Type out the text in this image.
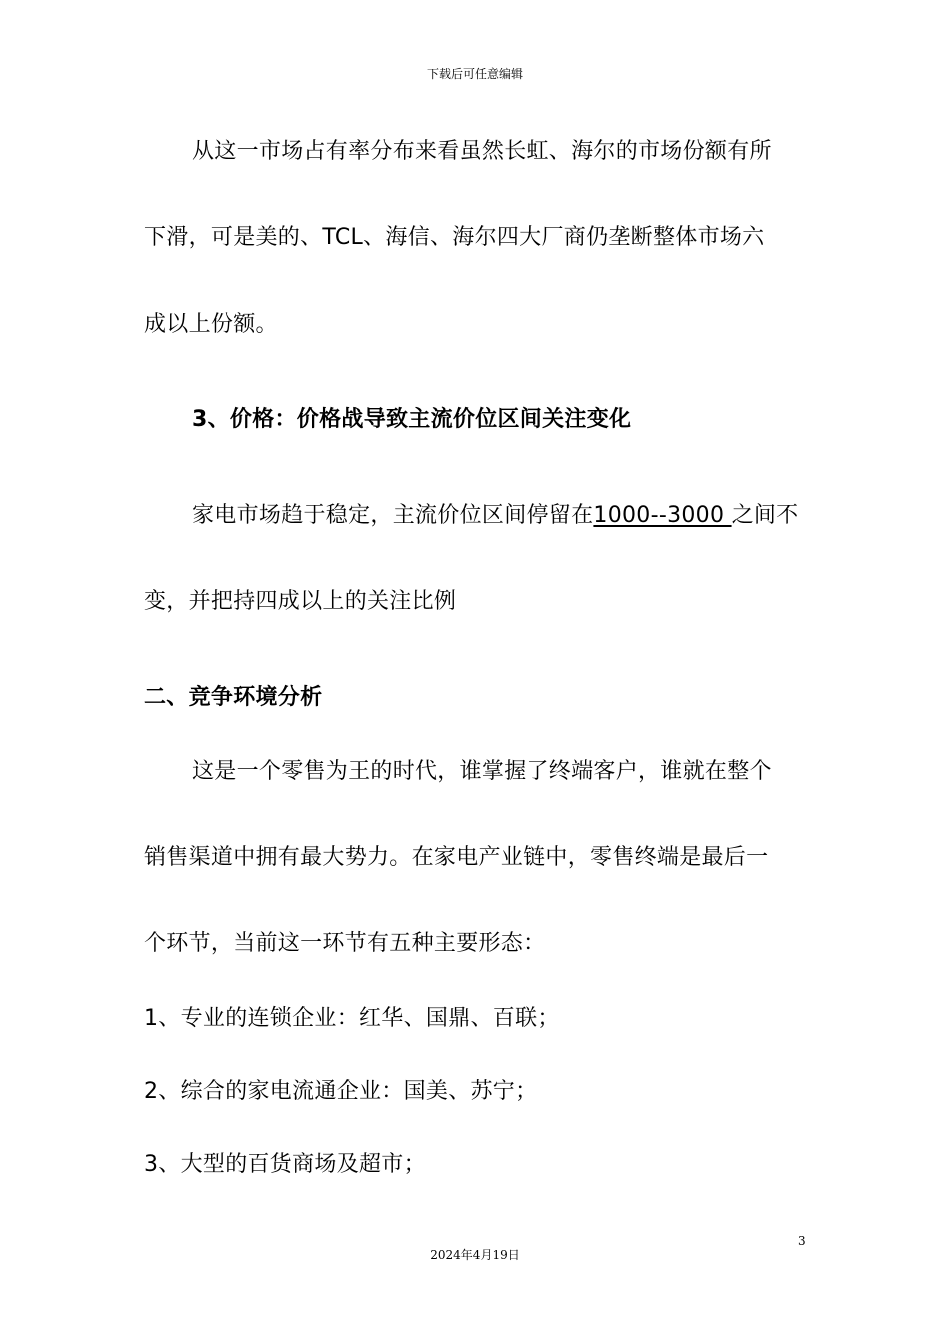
下载后可任意编辑

从这一市场占有率分布来看虽然长虹、海尔的市场份额有所

下滑，可是美的、TCL、海信、海尔四大厂商仍垄断整体市场六

成以上份额。

3、价格：价格战导致主流价位区间关注变化

家电市场趋于稳定，主流价位区间停留在1000--3000 之间不

变，并把持四成以上的关注比例

二、竞争环境分析

这是一个零售为王的时代，谁掌握了终端客户，谁就在整个

销售渠道中拥有最大势力。在家电产业链中，零售终端是最后一

个环节，当前这一环节有五种主要形态：

1、专业的连锁企业：红华、国鼎、百联；

2、综合的家电流通企业：国美、苏宁；

3、大型的百货商场及超市；

3
2024年4月19日
